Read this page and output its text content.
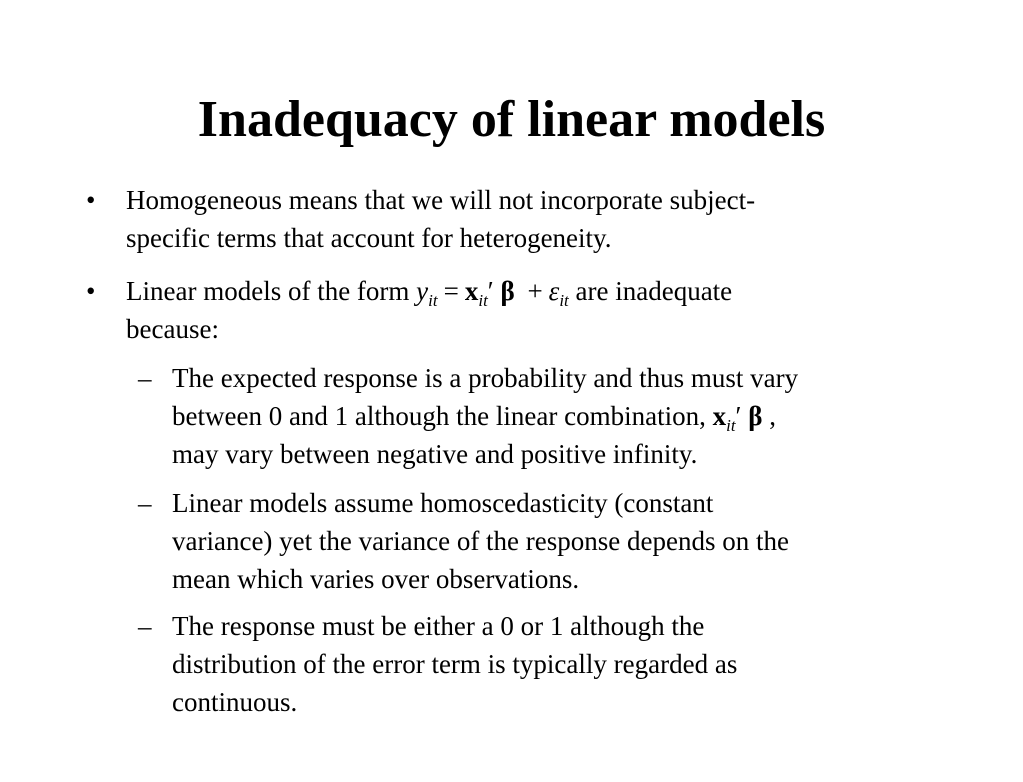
Inadequacy of linear models
• Homogeneous means that we will not incorporate subject-
specific terms that account for heterogeneity.
• Linear models of the form $y_{it} = x_{it}'$ $\beta + \varepsilon_{it}$ are inadequate
because:
– The expected response is a probability and thus must vary
between 0 and 1 although the linear combination, $x_{it}'$ β ,
may vary between negative and positive infinity.
– Linear models assume homoscedasticity (constant
variance) yet the variance of the response depends on the
mean which varies over observations.
– The response must be either a 0 or 1 although the
distribution of the error term is typically regarded as
continuous.
